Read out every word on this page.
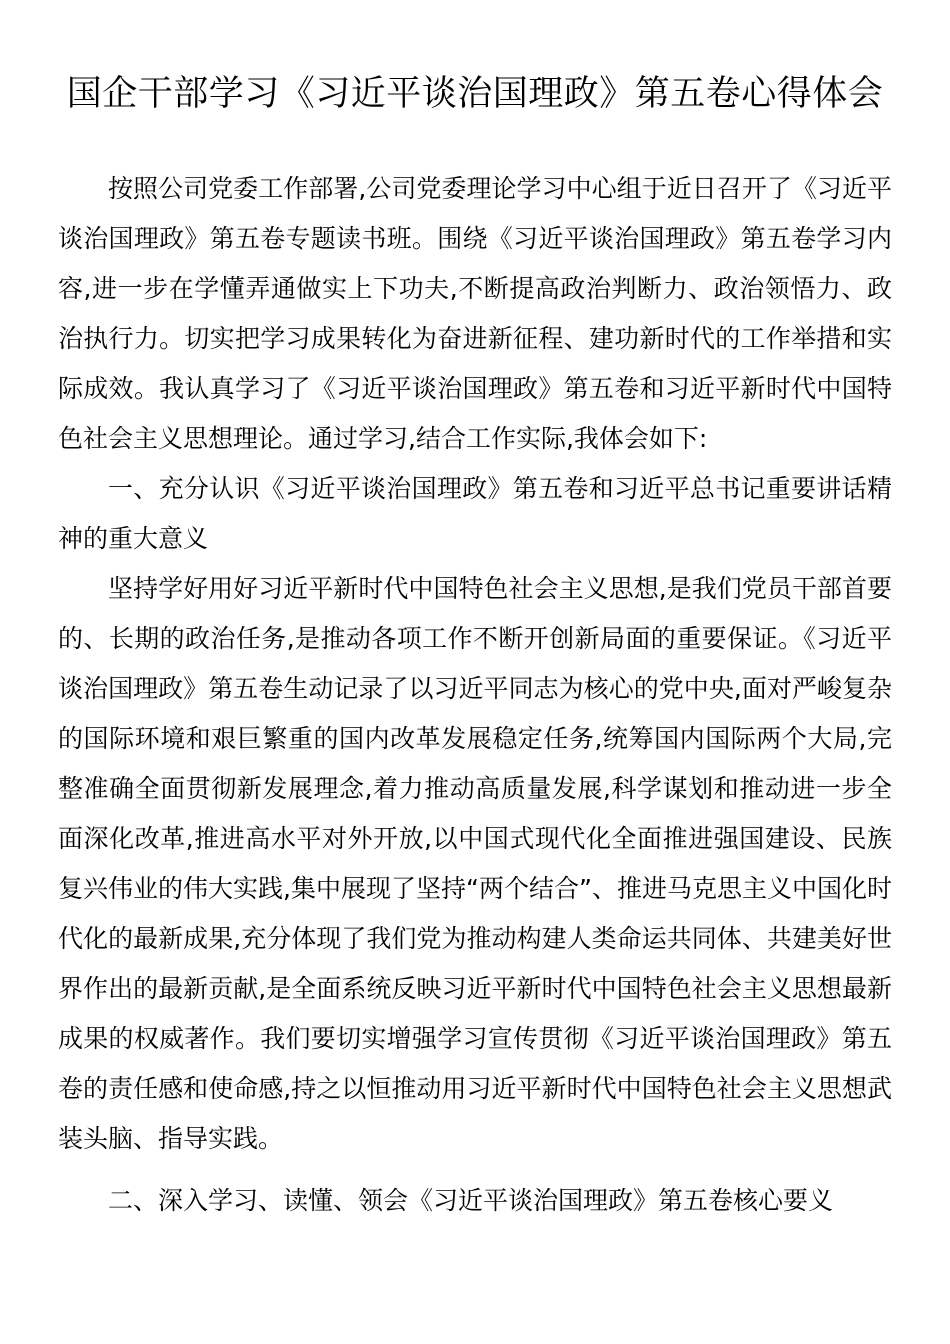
国企干部学习《习近平谈治国理政》第五卷心得体会

按照公司党委工作部署,公司党委理论学习中心组于近日召开了《习近平谈治国理政》第五卷专题读书班。围绕《习近平谈治国理政》第五卷学习内容,进一步在学懂弄通做实上下功夫,不断提高政治判断力、政治领悟力、政治执行力。切实把学习成果转化为奋进新征程、建功新时代的工作举措和实际成效。我认真学习了《习近平谈治国理政》第五卷和习近平新时代中国特色社会主义思想理论。通过学习,结合工作实际,我体会如下:

一、充分认识《习近平谈治国理政》第五卷和习近平总书记重要讲话精神的重大意义

坚持学好用好习近平新时代中国特色社会主义思想,是我们党员干部首要的、长期的政治任务,是推动各项工作不断开创新局面的重要保证。《习近平谈治国理政》第五卷生动记录了以习近平同志为核心的党中央,面对严峻复杂的国际环境和艰巨繁重的国内改革发展稳定任务,统筹国内国际两个大局,完整准确全面贯彻新发展理念,着力推动高质量发展,科学谋划和推动进一步全面深化改革,推进高水平对外开放,以中国式现代化全面推进强国建设、民族复兴伟业的伟大实践,集中展现了坚持“两个结合”、推进马克思主义中国化时代化的最新成果,充分体现了我们党为推动构建人类命运共同体、共建美好世界作出的最新贡献,是全面系统反映习近平新时代中国特色社会主义思想最新成果的权威著作。我们要切实增强学习宣传贯彻《习近平谈治国理政》第五卷的责任感和使命感,持之以恒推动用习近平新时代中国特色社会主义思想武装头脑、指导实践。

二、深入学习、读懂、领会《习近平谈治国理政》第五卷核心要义
